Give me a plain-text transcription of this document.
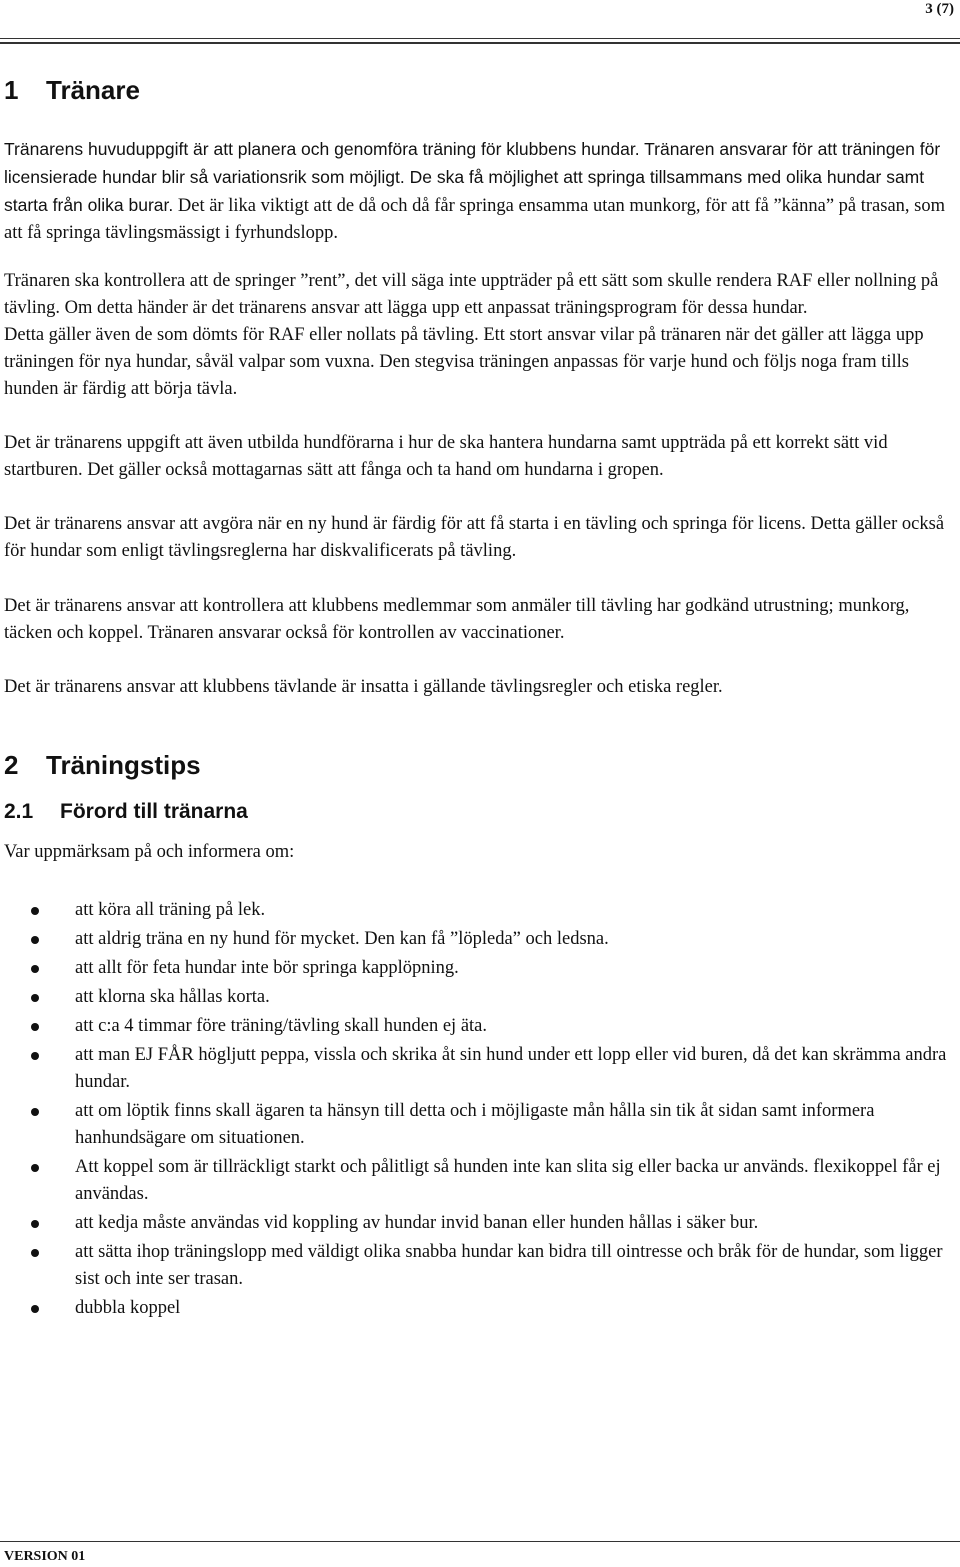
3 (7)
1 Tränare

Tränarens huvuduppgift är att planera och genomföra träning för klubbens hundar. Tränaren ansvarar för att träningen för licensierade hundar blir så variationsrik som möjligt. De ska få möjlighet att springa tillsammans med olika hundar samt starta från olika burar. Det är lika viktigt att de då och då får springa ensamma utan munkorg, för att få ”känna” på trasan, som att få springa tävlingsmässigt i fyrhundslopp.

Tränaren ska kontrollera att de springer ”rent”, det vill säga inte uppträder på ett sätt som skulle rendera RAF eller nollning på tävling. Om detta händer är det tränarens ansvar att lägga upp ett anpassat träningsprogram för dessa hundar.

Detta gäller även de som dömts för RAF eller nollats på tävling. Ett stort ansvar vilar på tränaren när det gäller att lägga upp träningen för nya hundar, såväl valpar som vuxna. Den stegvisa träningen anpassas för varje hund och följs noga fram tills hunden är färdig att börja tävla.

Det är tränarens uppgift att även utbilda hundförarna i hur de ska hantera hundarna samt uppträda på ett korrekt sätt vid startburen. Det gäller också mottagarnas sätt att fånga och ta hand om hundarna i gropen.

Det är tränarens ansvar att avgöra när en ny hund är färdig för att få starta i en tävling och springa för licens. Detta gäller också för hundar som enligt tävlingsreglerna har diskvalificerats på tävling.

Det är tränarens ansvar att kontrollera att klubbens medlemmar som anmäler till tävling har godkänd utrustning; munkorg, täcken och koppel. Tränaren ansvarar också för kontrollen av vaccinationer.

Det är tränarens ansvar att klubbens tävlande är insatta i gällande tävlingsregler och etiska regler.

2 Träningstips
2.1 Förord till tränarna

Var uppmärksam på och informera om:

att köra all träning på lek.
att aldrig träna en ny hund för mycket. Den kan få ”löpleda” och ledsna.
att allt för feta hundar inte bör springa kapplöpning.
att klorna ska hållas korta.
att c:a 4 timmar före träning/tävling skall hunden ej äta.
att man EJ FÅR högljutt peppa, vissla och skrika åt sin hund under ett lopp eller vid buren, då det kan skrämma andra hundar.
att om löptik finns skall ägaren ta hänsyn till detta och i möjligaste mån hålla sin tik åt sidan samt informera hanhundsägare om situationen.
Att koppel som är tillräckligt starkt och pålitligt så hunden inte kan slita sig eller backa ur används. flexikoppel får ej användas.
att kedja måste användas vid koppling av hundar invid banan eller hunden hållas i säker bur.
att sätta ihop träningslopp med väldigt olika snabba hundar kan bidra till ointresse och bråk för de hundar, som ligger sist och inte ser trasan.
dubbla koppel
VERSION 01
